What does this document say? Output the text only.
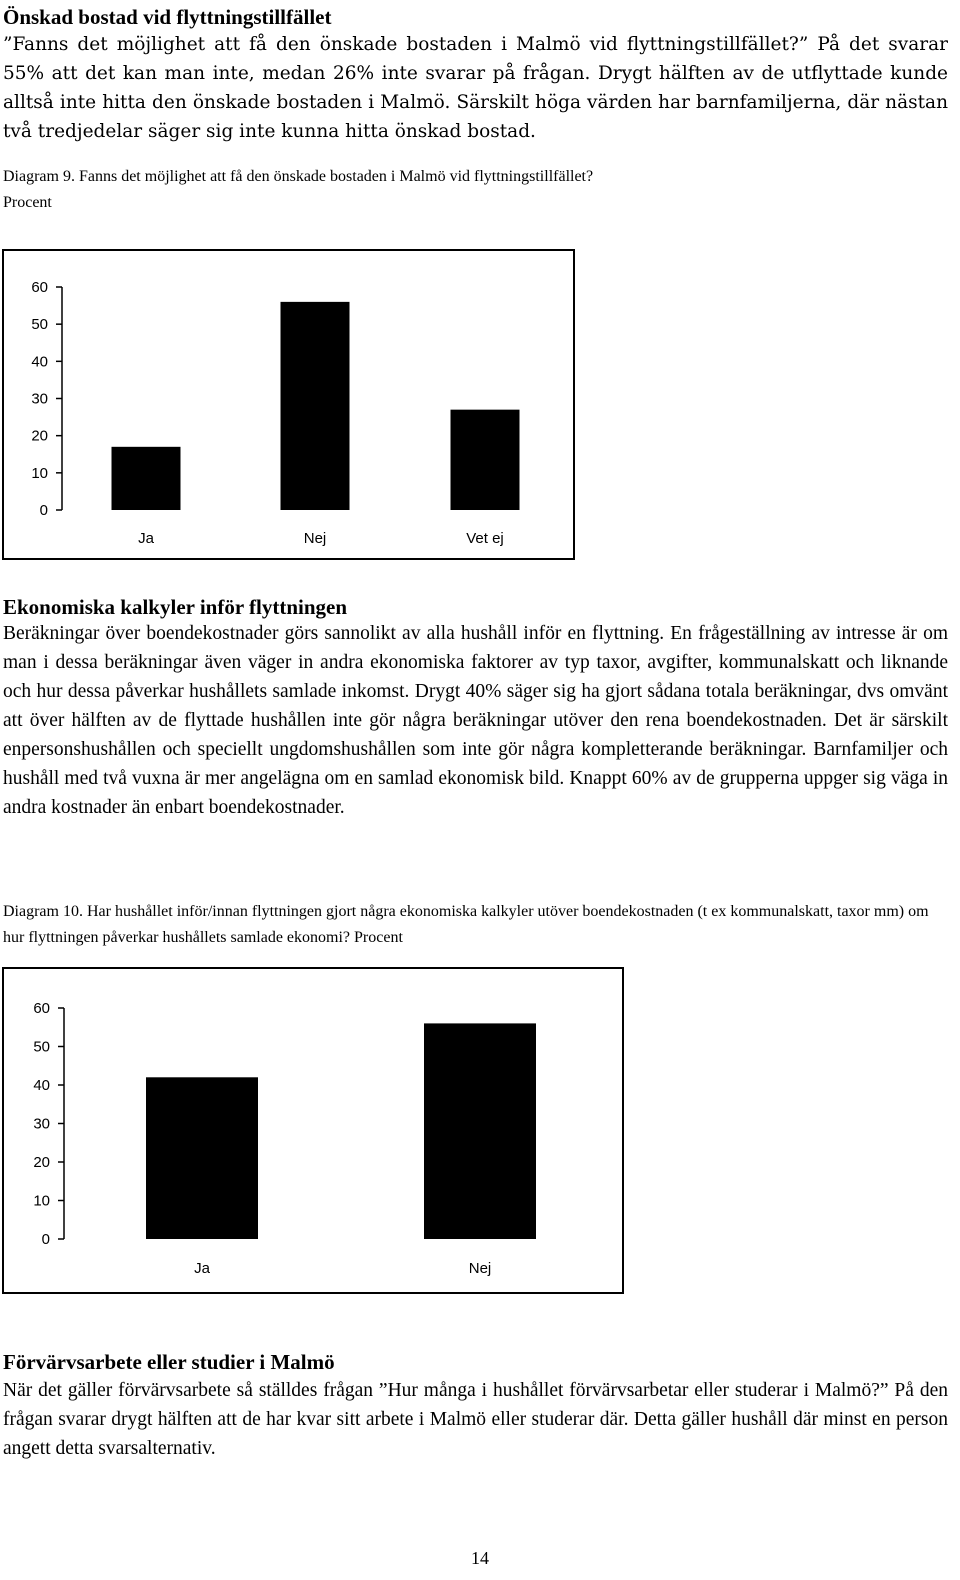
Önskad bostad vid flyttningstillfället
”Fanns det möjlighet att få den önskade bostaden i Malmö vid flyttningstillfället?” På det svarar 55% att det kan man inte, medan 26% inte svarar på frågan. Drygt hälften av de utflyttade kunde alltså inte hitta den önskade bostaden i Malmö. Särskilt höga värden har barnfamiljerna, där nästan två tredjedelar säger sig inte kunna hitta önskad bostad.
Diagram 9. Fanns det möjlighet att få den önskade bostaden i Malmö vid flyttningstillfället? Procent
0
10
20
30
40
50
60
Ja	Nej	Vet ej
Ekonomiska kalkyler inför flyttningen
Beräkningar över boendekostnader görs sannolikt av alla hushåll inför en flyttning. En frågeställning av intresse är om man i dessa beräkningar även väger in andra ekonomiska faktorer av typ taxor, avgifter, kommunalskatt och liknande och hur dessa påverkar hushållets samlade inkomst. Drygt 40% säger sig ha gjort sådana totala beräkningar, dvs omvänt att över hälften av de flyttade hushållen inte gör några beräkningar utöver den rena boendekostnaden. Det är särskilt enpersonshushållen och speciellt ungdomshushållen som inte gör några kompletterande beräkningar. Barnfamiljer och hushåll med två vuxna är mer angelägna om en samlad ekonomisk bild. Knappt 60% av de grupperna uppger sig väga in andra kostnader än enbart boendekostnader.
Diagram 10. Har hushållet inför/innan flyttningen gjort några ekonomiska kalkyler utöver boendekostnaden (t ex kommunalskatt, taxor mm) om hur flyttningen påverkar hushållets samlade ekonomi? Procent
0
10
20
30
40
50
60
Ja	Nej
Förvärvsarbete eller studier i Malmö
När det gäller förvärvsarbete så ställdes frågan ”Hur många i hushållet förvärvsarbetar eller studerar i Malmö?” På den frågan svarar drygt hälften att de har kvar sitt arbete i Malmö eller studerar där. Detta gäller hushåll där minst en person angett detta svarsalternativ.
14
